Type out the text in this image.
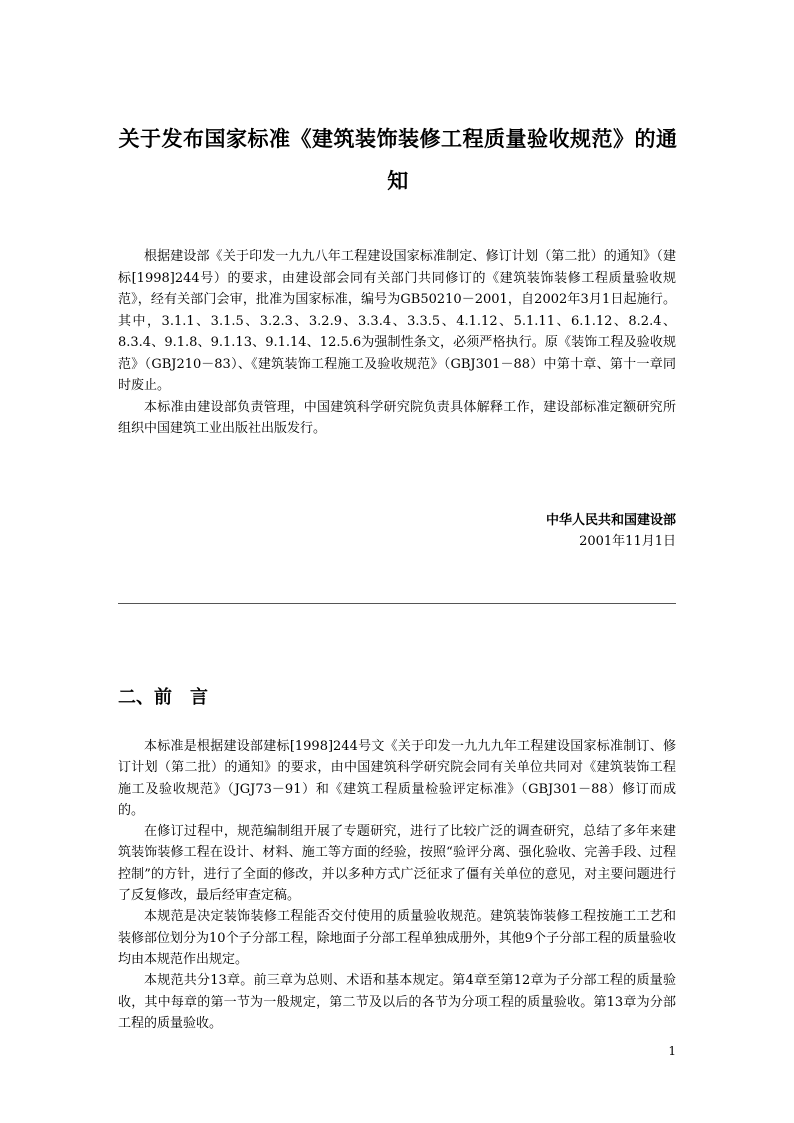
关于发布国家标准《建筑装饰装修工程质量验收规范》的通知

根据建设部《关于印发一九九八年工程建设国家标准制定、修订计划（第二批）的通知》（建标[1998]244号）的要求，由建设部会同有关部门共同修订的《建筑装饰装修工程质量验收规范》，经有关部门会审，批准为国家标准，编号为GB50210－2001，自2002年3月1日起施行。其中，3.1.1、3.1.5、3.2.3、3.2.9、3.3.4、3.3.5、4.1.12、5.1.11、6.1.12、8.2.4、8.3.4、9.1.8、9.1.13、9.1.14、12.5.6为强制性条文，必须严格执行。原《装饰工程及验收规范》（GBJ210－83）、《建筑装饰工程施工及验收规范》（GBJ301－88）中第十章、第十一章同时废止。

本标准由建设部负责管理，中国建筑科学研究院负责具体解释工作，建设部标准定额研究所组织中国建筑工业出版社出版发行。

中华人民共和国建设部
2001年11月1日
二、前　言

本标准是根据建设部建标[1998]244号文《关于印发一九九九年工程建设国家标准制订、修订计划（第二批）的通知》的要求，由中国建筑科学研究院会同有关单位共同对《建筑装饰工程施工及验收规范》（JGJ73－91）和《建筑工程质量检验评定标准》（GBJ301－88）修订而成的。

在修订过程中，规范编制组开展了专题研究，进行了比较广泛的调查研究，总结了多年来建筑装饰装修工程在设计、材料、施工等方面的经验，按照“验评分离、强化验收、完善手段、过程控制”的方针，进行了全面的修改，并以多种方式广泛征求了僵有关单位的意见，对主要问题进行了反复修改，最后经审查定稿。

本规范是决定装饰装修工程能否交付使用的质量验收规范。建筑装饰装修工程按施工工艺和装修部位划分为10个子分部工程，除地面子分部工程单独成册外，其他9个子分部工程的质量验收均由本规范作出规定。

本规范共分13章。前三章为总则、术语和基本规定。第4章至第12章为子分部工程的质量验收，其中每章的第一节为一般规定，第二节及以后的各节为分项工程的质量验收。第13章为分部工程的质量验收。

1
